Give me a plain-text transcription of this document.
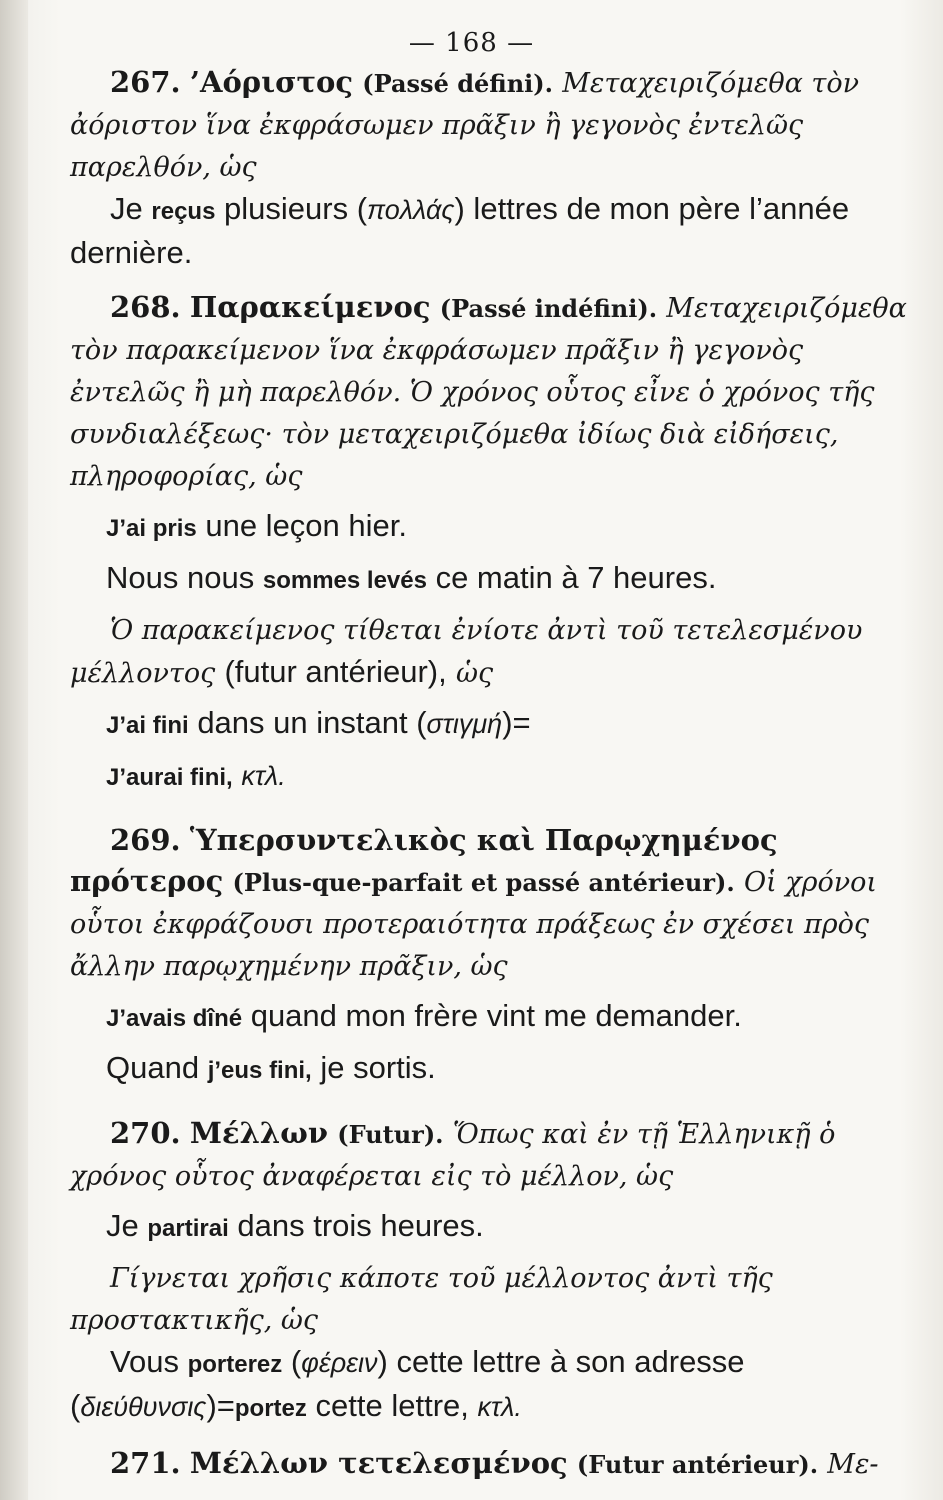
— 168 —

267. ’Αόριστος (Passé défini). Μεταχειριζόμεθα τὸν ἀόριστον ἵνα ἐκφράσωμεν πρᾶξιν ἢ γεγονὸς ἐντελῶς παρελθόν, ὡς

Je reçus plusieurs (πολλάς) lettres de mon père l’année dernière.

268. Παρακείμενος (Passé indéfini). Μεταχειριζόμεθα τὸν παρακείμενον ἵνα ἐκφράσωμεν πρᾶξιν ἢ γεγονὸς ἐντελῶς ἢ μὴ παρελθόν. Ὁ χρόνος οὗτος εἶνε ὁ χρόνος τῆς συνδιαλέξεως· τὸν μεταχειριζόμεθα ἰδίως διὰ εἰδήσεις, πληροφορίας, ὡς

J’ai pris une leçon hier.

Nous nous sommes levés ce matin à 7 heures.

Ὁ παρακείμενος τίθεται ἐνίοτε ἀντὶ τοῦ τετελεσμένου μέλλοντος (futur antérieur), ὡς

J’ai fini dans un instant (στιγμή)=

J’aurai fini, κτλ.

269. Ὑπερσυντελικὸς καὶ Παρῳχημένος πρότερος (Plus-que-parfait et passé antérieur). Οἱ χρόνοι οὗτοι ἐκφράζουσι προτεραιότητα πράξεως ἐν σχέσει πρὸς ἄλλην παρῳχημένην πρᾶξιν, ὡς

J’avais dîné quand mon frère vint me demander.

Quand j’eus fini, je sortis.

270. Μέλλων (Futur). Ὅπως καὶ ἐν τῇ Ἑλληνικῇ ὁ χρόνος οὗτος ἀναφέρεται εἰς τὸ μέλλον, ὡς

Je partirai dans trois heures.

Γίγνεται χρῆσις κάποτε τοῦ μέλλοντος ἀντὶ τῆς προστακτικῆς, ὡς

Vous porterez (φέρειν) cette lettre à son adresse (διεύθυνσις)=portez cette lettre, κτλ.

271. Μέλλων τετελεσμένος (Futur antérieur). Με-
